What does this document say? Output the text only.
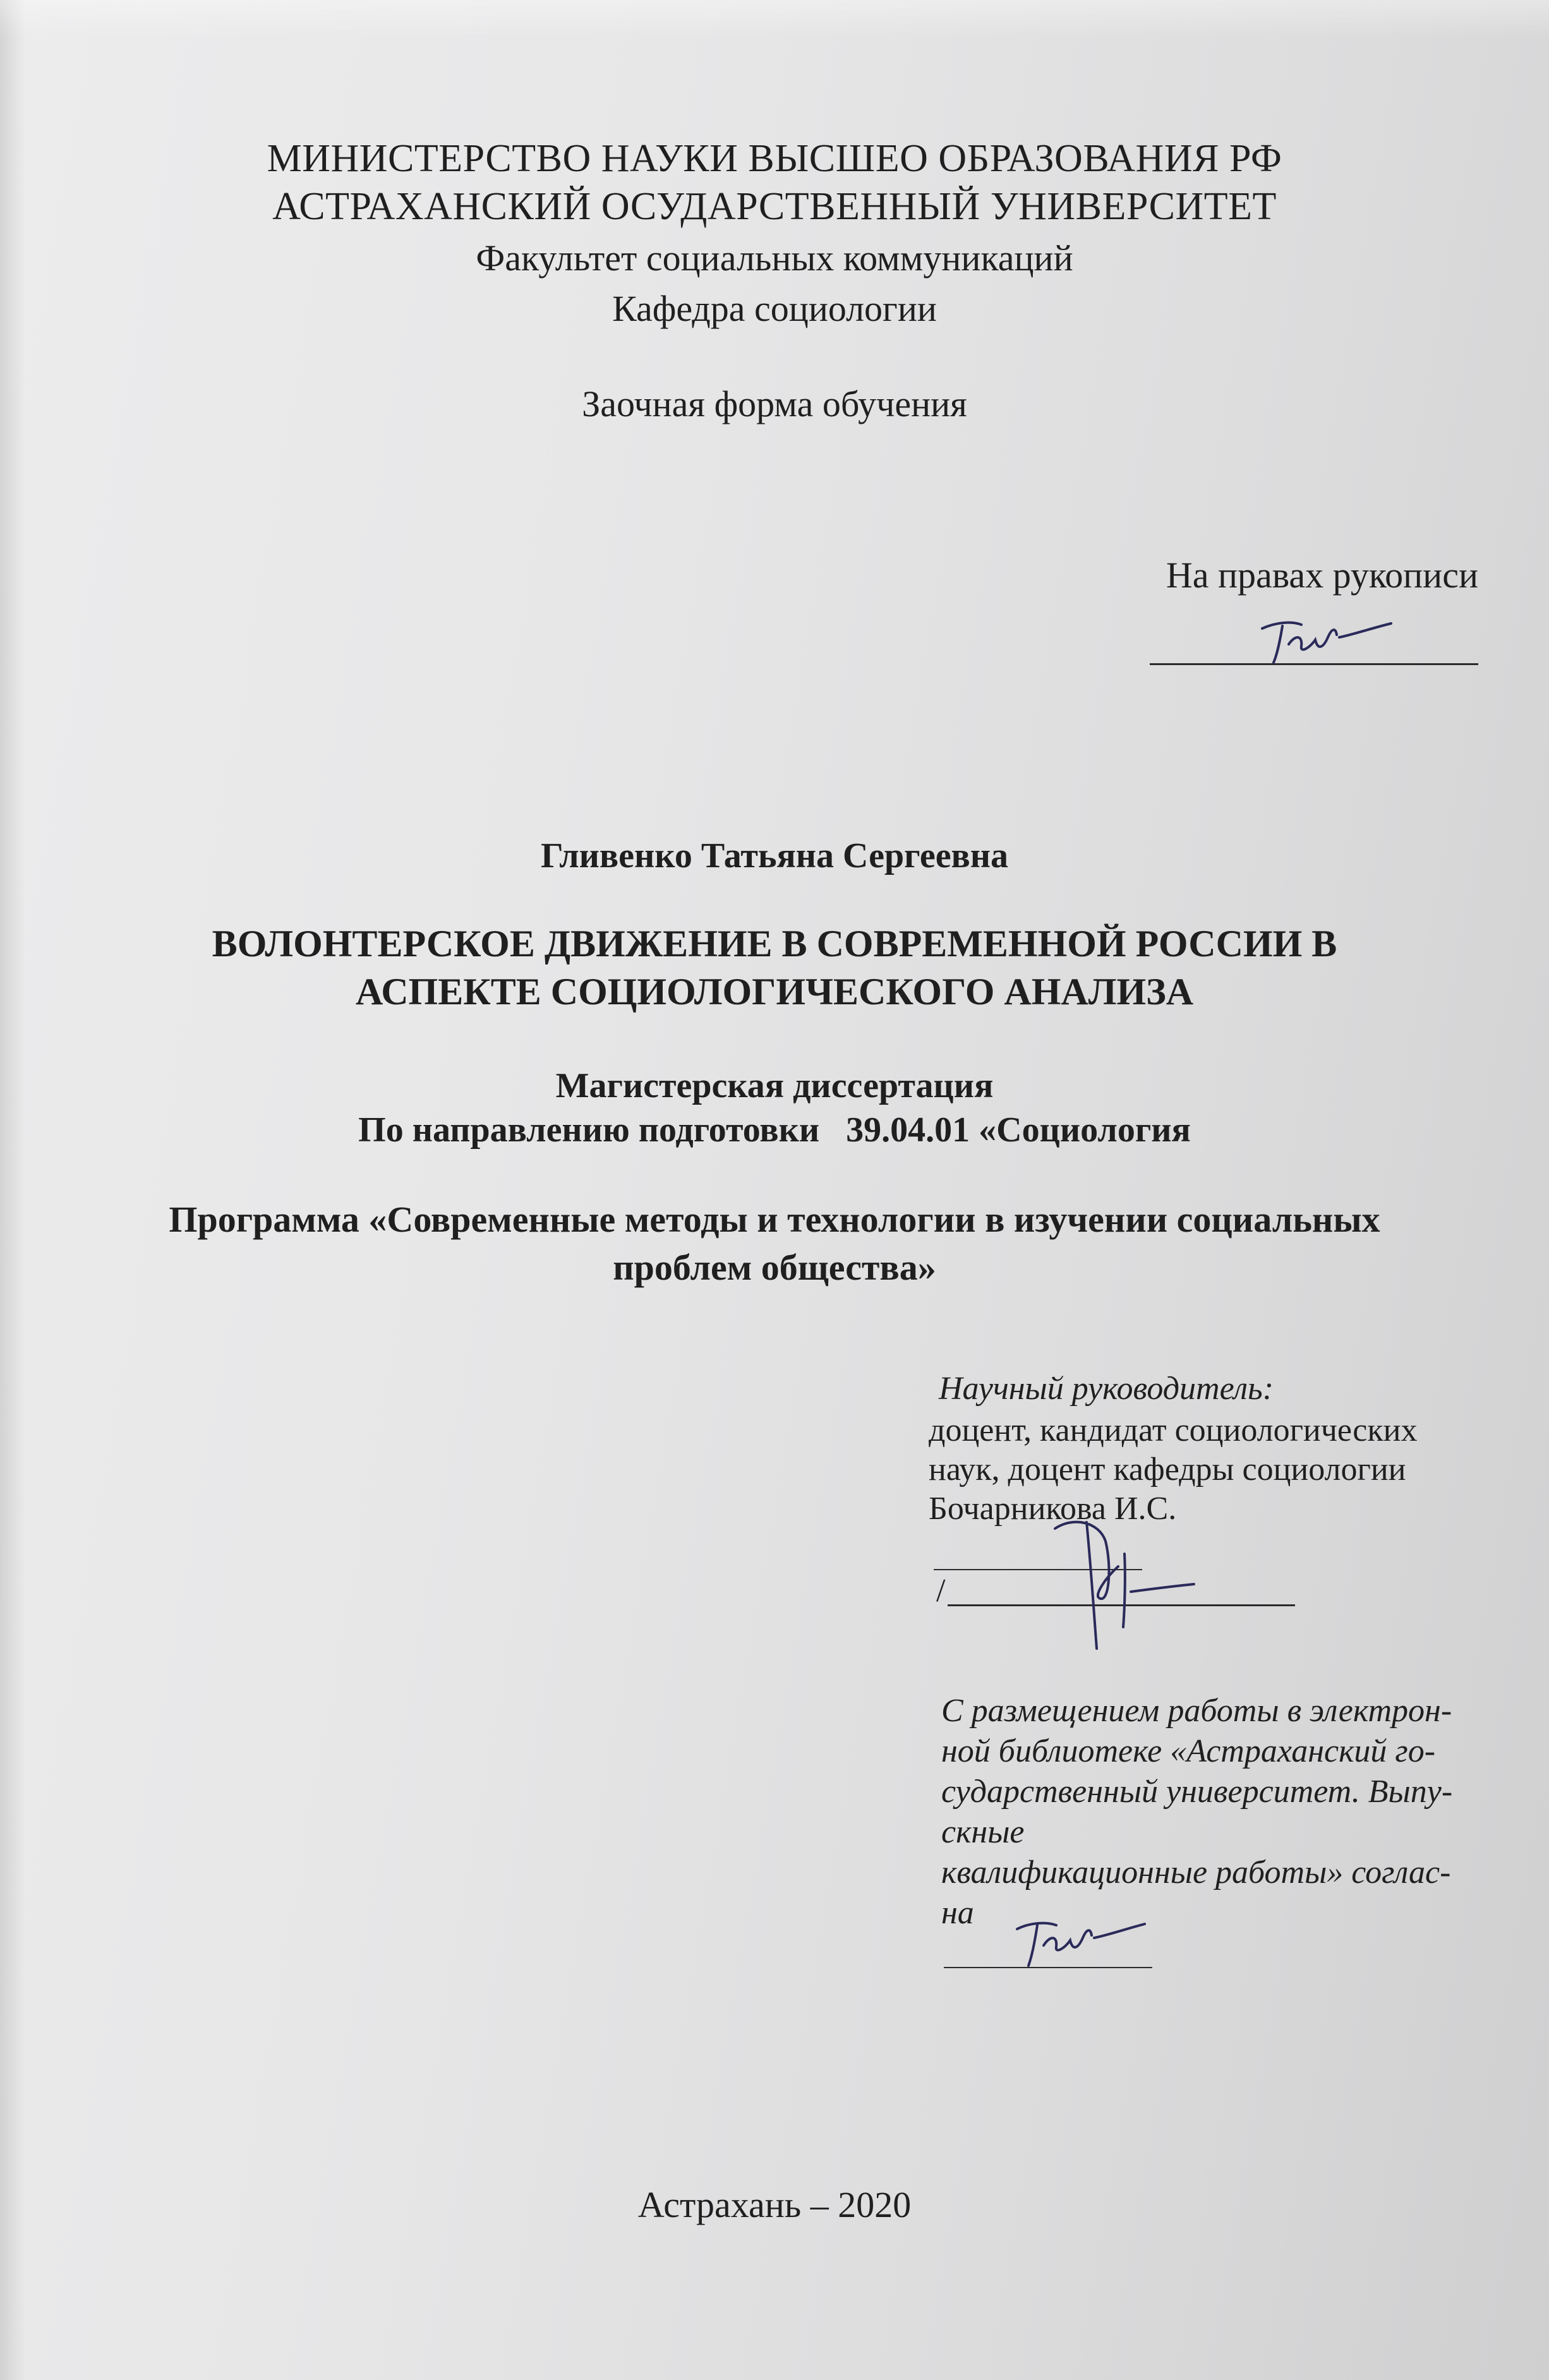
МИНИСТЕРСТВО НАУКИ ВЫСШЕО ОБРАЗОВАНИЯ РФ
АСТРАХАНСКИЙ ОСУДАРСТВЕННЫЙ УНИВЕРСИТЕТ
Факультет социальных коммуникаций
Кафедра социологии
Заочная форма обучения
На правах рукописи
Гливенко Татьяна Сергеевна
ВОЛОНТЕРСКОЕ ДВИЖЕНИЕ В СОВРЕМЕННОЙ РОССИИ В
АСПЕКТЕ СОЦИОЛОГИЧЕСКОГО АНАЛИЗА
Магистерская диссертация
По направлению подготовки   39.04.01 «Социология
Программа «Современные методы и технологии в изучении социальных
проблем общества»
Научный руководитель:
доцент, кандидат социологических
наук, доцент кафедры социологии
Бочарникова И.С.
/
С размещением работы в электрон-
ной библиотеке «Астраханский го-
сударственный университет. Выпу-
скные
квалификационные работы» соглас-
на
Астрахань – 2020
